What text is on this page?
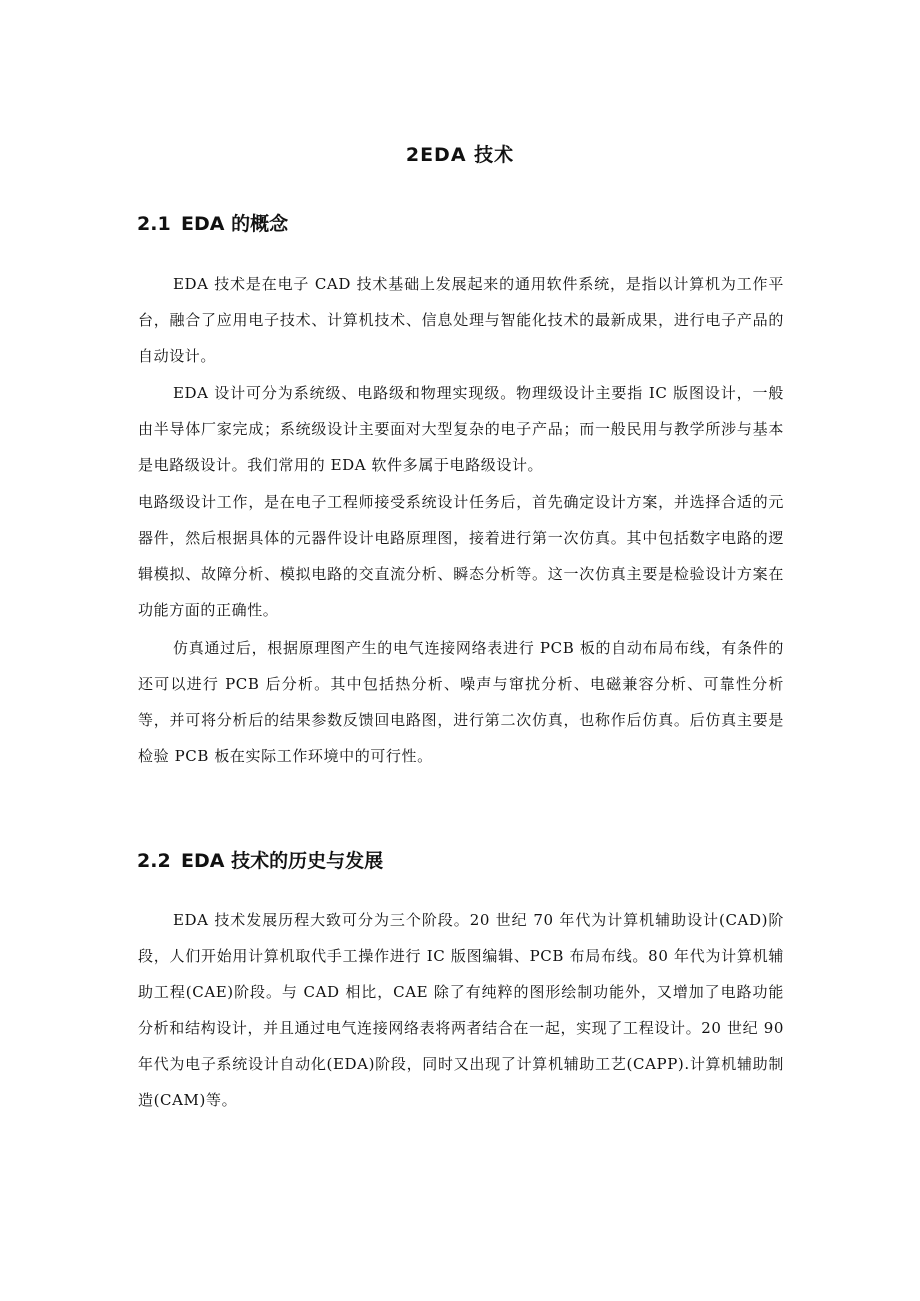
2EDA 技术
2.1 EDA 的概念

EDA 技术是在电子 CAD 技术基础上发展起来的通用软件系统，是指以计算机为工作平台，融合了应用电子技术、计算机技术、信息处理与智能化技术的最新成果，进行电子产品的自动设计。

EDA 设计可分为系统级、电路级和物理实现级。物理级设计主要指 IC 版图设计，一般由半导体厂家完成；系统级设计主要面对大型复杂的电子产品；而一般民用与教学所涉与基本是电路级设计。我们常用的 EDA 软件多属于电路级设计。

电路级设计工作，是在电子工程师接受系统设计任务后，首先确定设计方案，并选择合适的元器件，然后根据具体的元器件设计电路原理图，接着进行第一次仿真。其中包括数字电路的逻辑模拟、故障分析、模拟电路的交直流分析、瞬态分析等。这一次仿真主要是检验设计方案在功能方面的正确性。

仿真通过后，根据原理图产生的电气连接网络表进行 PCB 板的自动布局布线，有条件的还可以进行 PCB 后分析。其中包括热分析、噪声与窜扰分析、电磁兼容分析、可靠性分析等，并可将分析后的结果参数反馈回电路图，进行第二次仿真，也称作后仿真。后仿真主要是检验 PCB 板在实际工作环境中的可行性。

2.2 EDA 技术的历史与发展

EDA 技术发展历程大致可分为三个阶段。20 世纪 70 年代为计算机辅助设计(CAD)阶段，人们开始用计算机取代手工操作进行 IC 版图编辑、PCB 布局布线。80 年代为计算机辅助工程(CAE)阶段。与 CAD 相比，CAE 除了有纯粹的图形绘制功能外，又增加了电路功能分析和结构设计，并且通过电气连接网络表将两者结合在一起，实现了工程设计。20 世纪 90 年代为电子系统设计自动化(EDA)阶段，同时又出现了计算机辅助工艺(CAPP).计算机辅助制造(CAM)等。
